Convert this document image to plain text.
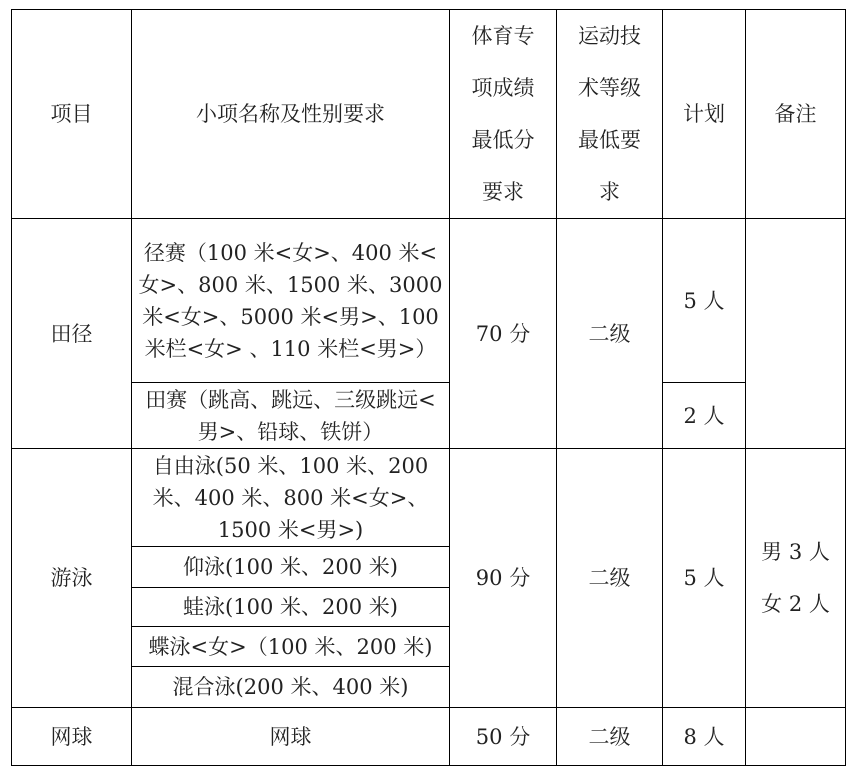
项目	小项名称及性别要求	体育专项成绩最低分要求	运动技术等级最低要求	计划	备注
田径	径赛（100 米<女>、400 米<女>、800 米、1500 米、3000 米<女>、5000 米<男>、100 米栏<女> 、110 米栏<男>）	70 分	二级	5 人	
	田赛（跳高、跳远、三级跳远<男>、铅球、铁饼）			2 人	
游泳	自由泳(50 米、100 米、200 米、400 米、800 米<女>、1500 米<男>)	90 分	二级	5 人	男 3 人
女 2 人

	仰泳(100 米、200 米)				
	蛙泳(100 米、200 米)				
	蝶泳<女>（100 米、200 米)				
	混合泳(200 米、400 米)				
网球	网球	50 分	二级	8 人	
